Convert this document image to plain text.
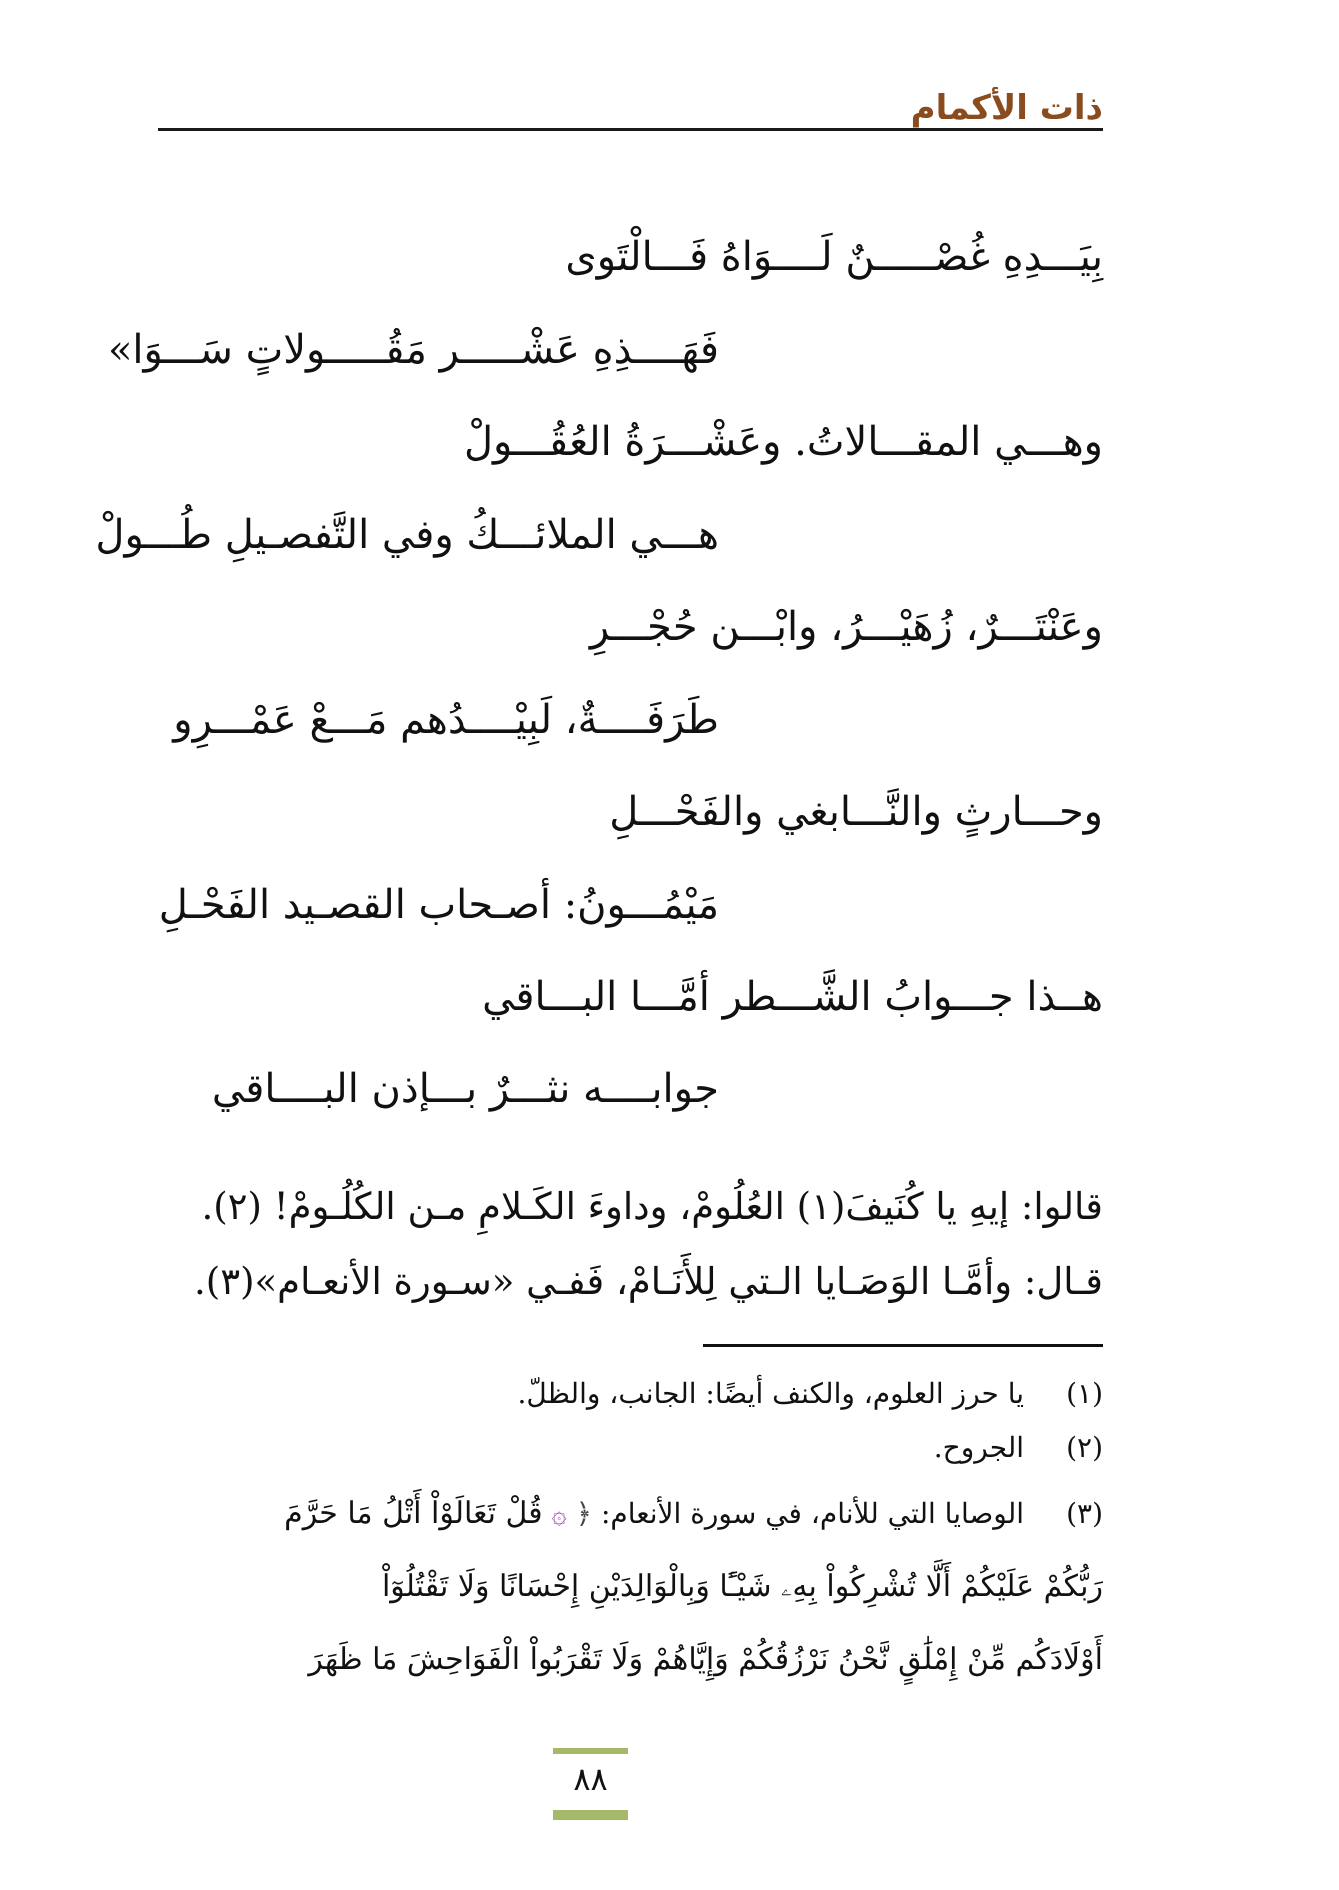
ذات الأكمام
بِيَـــدِهِ غُصْـــــنٌ لَــــوَاهُ فَـــالْتَوى
فَهَــــذِهِ عَشْـــــر مَقُـــــولاتٍ سَـــوَا»
وهـــي المقـــالاتُ. وعَشْـــرَةُ العُقُـــولْ
هـــي الملائـــكُ وفي التَّفصـيلِ طُـــولْ
وعَنْتَـــرٌ، زُهَيْـــرُ، وابْـــن حُجْـــرِ
طَرَفَــــةٌ، لَبِيْــــدُهم مَـــعْ عَمْـــرِو
وحـــارثٍ والنَّـــابغي والفَحْـــلِ
مَيْمُـــونُ: أصـحاب القصـيد الفَحْـلِ
هــذا جـــوابُ الشَّـــطر أمَّـــا البـــاقي
جوابــــه نثـــرٌ بـــإذن البــــاقي
قالوا: إيهِ يا كُنَيفَ(١) العُلُومْ، وداوءَ الكَـلامِ مـن الكُلُـومْ! (٢).
قـال: وأمَّـا الوَصَـايا الـتي لِلأَنَـامْ، فَفـي «سـورة الأنعـام»(٣).
(١) يا حرز العلوم، والكنف أيضًا: الجانب، والظلّ.
(٢) الجروح.
(٣) الوصايا التي للأنام، في سورة الأنعام: ﴿ ۞ قُلْ تَعَالَوْاْ أَتْلُ مَا حَرَّمَ
رَبُّكُمْ عَلَيْكُمْ أَلَّا تُشْرِكُواْ بِهِۦ شَيْـًٔا وَبِالْوَالِدَيْنِ إِحْسَانًا وَلَا تَقْتُلُوٓاْ
أَوْلَادَكُم مِّنْ إِمْلَٰقٍ نَّحْنُ نَرْزُقُكُمْ وَإِيَّاهُمْ وَلَا تَقْرَبُواْ الْفَوَاحِشَ مَا ظَهَرَ
٨٨
